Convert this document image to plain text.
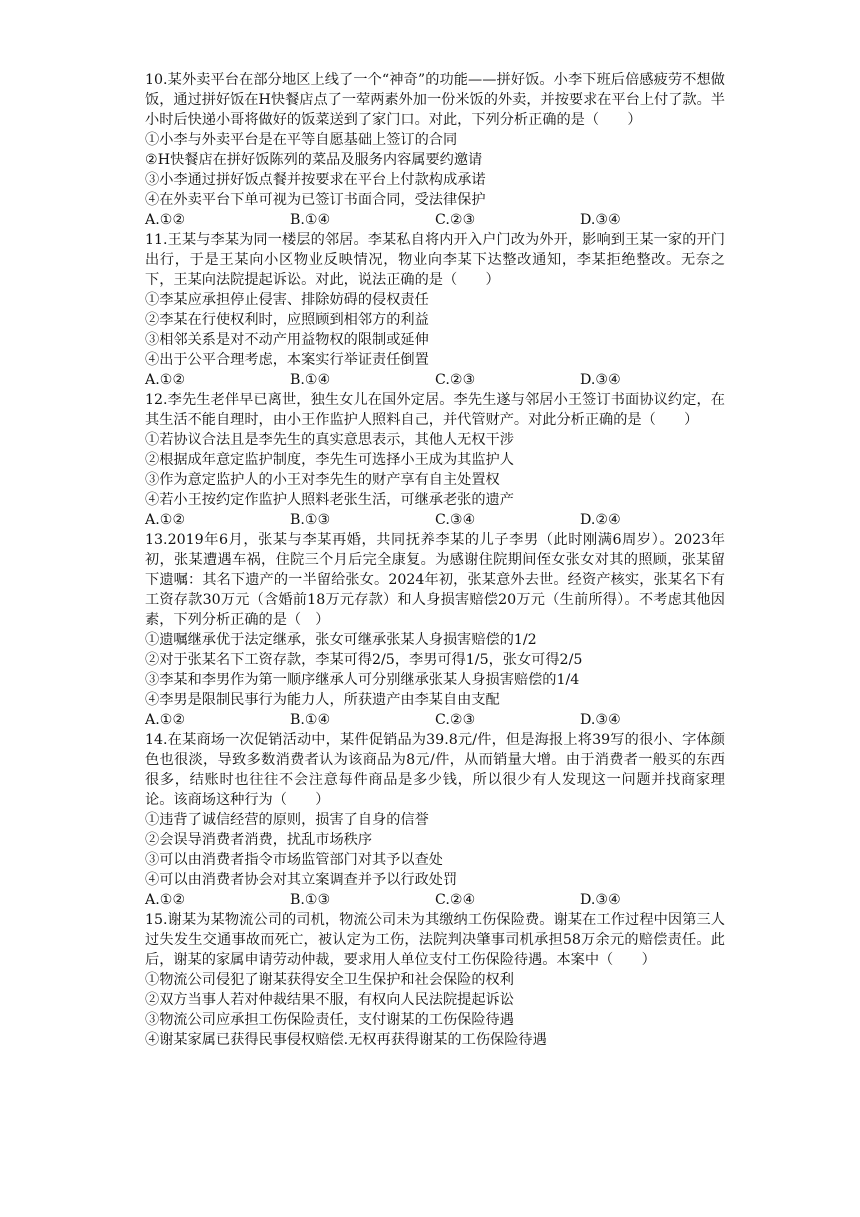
10.某外卖平台在部分地区上线了一个“神奇”的功能——拼好饭。小李下班后倍感疲劳不想做饭，通过拼好饭在H快餐店点了一荤两素外加一份米饭的外卖，并按要求在平台上付了款。半小时后快递小哥将做好的饭菜送到了家门口。对此，下列分析正确的是（　　）

①小李与外卖平台是在平等自愿基础上签订的合同

②H快餐店在拼好饭陈列的菜品及服务内容属要约邀请

③小李通过拼好饭点餐并按要求在平台上付款构成承诺

④在外卖平台下单可视为已签订书面合同，受法律保护

A.①②	B.①④	C.②③	D.③④

11.王某与李某为同一楼层的邻居。李某私自将内开入户门改为外开，影响到王某一家的开门出行，于是王某向小区物业反映情况，物业向李某下达整改通知，李某拒绝整改。无奈之下，王某向法院提起诉讼。对此，说法正确的是（　　）

①李某应承担停止侵害、排除妨碍的侵权责任

②李某在行使权利时，应照顾到相邻方的利益

③相邻关系是对不动产用益物权的限制或延伸

④出于公平合理考虑，本案实行举证责任倒置

A.①②	B.①④	C.②③	D.③④

12.李先生老伴早已离世，独生女儿在国外定居。李先生遂与邻居小王签订书面协议约定，在其生活不能自理时，由小王作监护人照料自己，并代管财产。对此分析正确的是（　　）

①若协议合法且是李先生的真实意思表示，其他人无权干涉

②根据成年意定监护制度，李先生可选择小王成为其监护人

③作为意定监护人的小王对李先生的财产享有自主处置权

④若小王按约定作监护人照料老张生活，可继承老张的遗产

A.①②	B.①③	C.③④	D.②④

13.2019年6月，张某与李某再婚，共同抚养李某的儿子李男（此时刚满6周岁）。2023年初，张某遭遇车祸，住院三个月后完全康复。为感谢住院期间侄女张女对其的照顾，张某留下遗嘱：其名下遗产的一半留给张女。2024年初，张某意外去世。经资产核实，张某名下有工资存款30万元（含婚前18万元存款）和人身损害赔偿20万元（生前所得）。不考虑其他因素，下列分析正确的是（　）

①遗嘱继承优于法定继承，张女可继承张某人身损害赔偿的1/2

②对于张某名下工资存款，李某可得2/5，李男可得1/5，张女可得2/5

③李某和李男作为第一顺序继承人可分别继承张某人身损害赔偿的1/4

④李男是限制民事行为能力人，所获遗产由李某自由支配

A.①②	B.①④	C.②③	D.③④

14.在某商场一次促销活动中，某件促销品为39.8元/件，但是海报上将39写的很小、字体颜色也很淡，导致多数消费者认为该商品为8元/件，从而销量大增。由于消费者一般买的东西很多，结账时也往往不会注意每件商品是多少钱，所以很少有人发现这一问题并找商家理论。该商场这种行为（　　）

①违背了诚信经营的原则，损害了自身的信誉

②会误导消费者消费，扰乱市场秩序

③可以由消费者指令市场监管部门对其予以查处

④可以由消费者协会对其立案调查并予以行政处罚

A.①②	B.①③	C.②④	D.③④

15.谢某为某物流公司的司机，物流公司未为其缴纳工伤保险费。谢某在工作过程中因第三人过失发生交通事故而死亡，被认定为工伤，法院判决肇事司机承担58万余元的赔偿责任。此后，谢某的家属申请劳动仲裁，要求用人单位支付工伤保险待遇。本案中（　　）

①物流公司侵犯了谢某获得安全卫生保护和社会保险的权利

②双方当事人若对仲裁结果不服，有权向人民法院提起诉讼

③物流公司应承担工伤保险责任，支付谢某的工伤保险待遇

④谢某家属已获得民事侵权赔偿.无权再获得谢某的工伤保险待遇
